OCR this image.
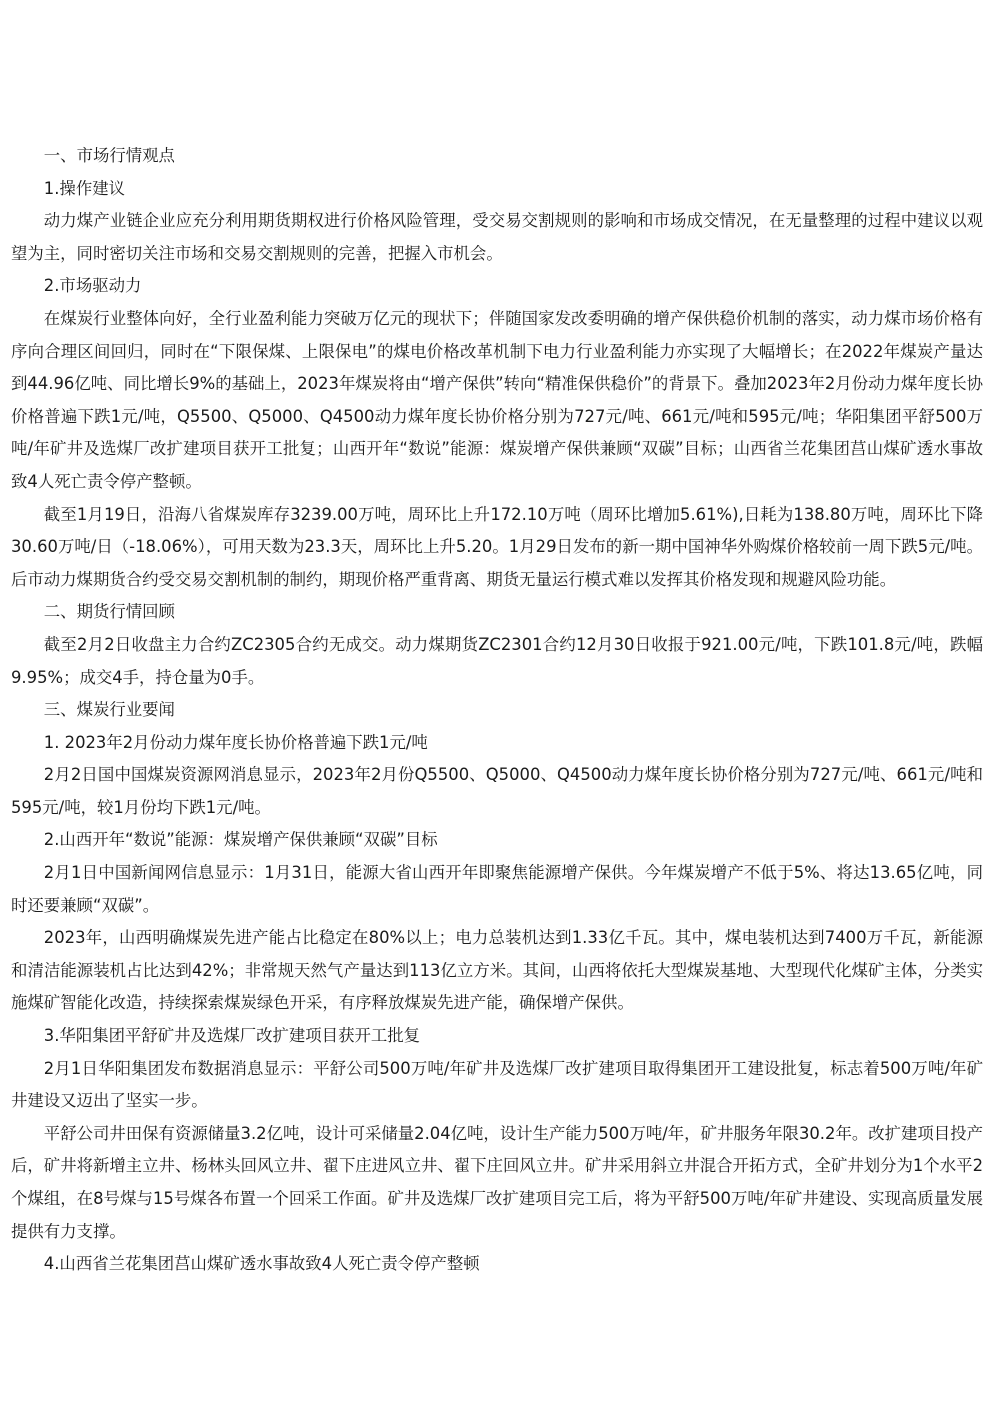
一、市场行情观点

1.操作建议

动力煤产业链企业应充分利用期货期权进行价格风险管理，受交易交割规则的影响和市场成交情况，在无量整理的过程中建议以观望为主，同时密切关注市场和交易交割规则的完善，把握入市机会。

2.市场驱动力

在煤炭行业整体向好，全行业盈利能力突破万亿元的现状下；伴随国家发改委明确的增产保供稳价机制的落实，动力煤市场价格有序向合理区间回归，同时在“下限保煤、上限保电”的煤电价格改革机制下电力行业盈利能力亦实现了大幅增长；在2022年煤炭产量达到44.96亿吨、同比增长9%的基础上，2023年煤炭将由“增产保供”转向“精准保供稳价”的背景下。叠加2023年2月份动力煤年度长协价格普遍下跌1元/吨，Q5500、Q5000、Q4500动力煤年度长协价格分别为727元/吨、661元/吨和595元/吨；华阳集团平舒500万吨/年矿井及选煤厂改扩建项目获开工批复；山西开年“数说”能源：煤炭增产保供兼顾“双碳”目标；山西省兰花集团莒山煤矿透水事故致4人死亡责令停产整顿。

截至1月19日，沿海八省煤炭库存3239.00万吨，周环比上升172.10万吨（周环比增加5.61%),日耗为138.80万吨，周环比下降30.60万吨/日（-18.06%），可用天数为23.3天，周环比上升5.20。1月29日发布的新一期中国神华外购煤价格较前一周下跌5元/吨。后市动力煤期货合约受交易交割机制的制约，期现价格严重背离、期货无量运行模式难以发挥其价格发现和规避风险功能。

二、期货行情回顾

截至2月2日收盘主力合约ZC2305合约无成交。动力煤期货ZC2301合约12月30日收报于921.00元/吨，下跌101.8元/吨，跌幅9.95%；成交4手，持仓量为0手。

三、煤炭行业要闻

1. 2023年2月份动力煤年度长协价格普遍下跌1元/吨

2月2日国中国煤炭资源网消息显示，2023年2月份Q5500、Q5000、Q4500动力煤年度长协价格分别为727元/吨、661元/吨和595元/吨，较1月份均下跌1元/吨。

2.山西开年“数说”能源：煤炭增产保供兼顾“双碳”目标

2月1日中国新闻网信息显示：1月31日，能源大省山西开年即聚焦能源增产保供。今年煤炭增产不低于5%、将达13.65亿吨，同时还要兼顾“双碳”。

2023年，山西明确煤炭先进产能占比稳定在80%以上；电力总装机达到1.33亿千瓦。其中，煤电装机达到7400万千瓦，新能源和清洁能源装机占比达到42%；非常规天然气产量达到113亿立方米。其间，山西将依托大型煤炭基地、大型现代化煤矿主体，分类实施煤矿智能化改造，持续探索煤炭绿色开采，有序释放煤炭先进产能，确保增产保供。

3.华阳集团平舒矿井及选煤厂改扩建项目获开工批复

2月1日华阳集团发布数据消息显示：平舒公司500万吨/年矿井及选煤厂改扩建项目取得集团开工建设批复，标志着500万吨/年矿井建设又迈出了坚实一步。

平舒公司井田保有资源储量3.2亿吨，设计可采储量2.04亿吨，设计生产能力500万吨/年，矿井服务年限30.2年。改扩建项目投产后，矿井将新增主立井、杨林头回风立井、翟下庄进风立井、翟下庄回风立井。矿井采用斜立井混合开拓方式，全矿井划分为1个水平2个煤组，在8号煤与15号煤各布置一个回采工作面。矿井及选煤厂改扩建项目完工后，将为平舒500万吨/年矿井建设、实现高质量发展提供有力支撑。

4.山西省兰花集团莒山煤矿透水事故致4人死亡责令停产整顿
